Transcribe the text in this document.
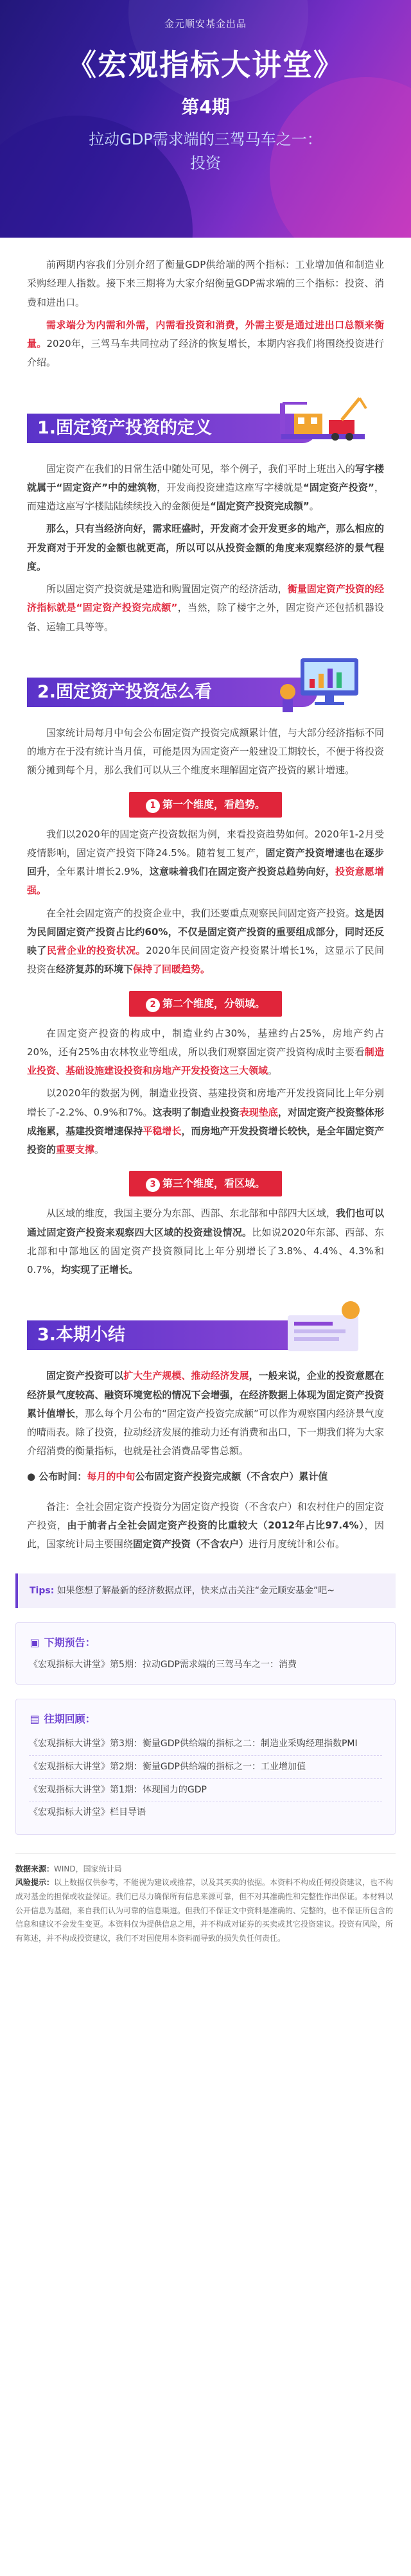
金元顺安基金出品
《宏观指标大讲堂》
第4期
拉动GDP需求端的三驾马车之一：
投资

前两期内容我们分别介绍了衡量GDP供给端的两个指标：工业增加值和制造业采购经理人指数。接下来三期将为大家介绍衡量GDP需求端的三个指标：投资、消费和进出口。

需求端分为内需和外需，内需看投资和消费，外需主要是通过进出口总额来衡量。2020年，三驾马车共同拉动了经济的恢复增长，本期内容我们将围绕投资进行介绍。

1.固定资产投资的定义

固定资产在我们的日常生活中随处可见，举个例子，我们平时上班出入的写字楼就属于“固定资产”中的建筑物，开发商投资建造这座写字楼就是“固定资产投资”，而建造这座写字楼陆陆续续投入的金额便是“固定资产投资完成额”。

那么，只有当经济向好，需求旺盛时，开发商才会开发更多的地产，那么相应的开发商对于开发的金额也就更高，所以可以从投资金额的角度来观察经济的景气程度。

所以固定资产投资就是建造和购置固定资产的经济活动，衡量固定资产投资的经济指标就是“固定资产投资完成额”，当然，除了楼宇之外，固定资产还包括机器设备、运输工具等等。

2.固定资产投资怎么看

国家统计局每月中旬会公布固定资产投资完成额累计值，与大部分经济指标不同的地方在于没有统计当月值，可能是因为固定资产一般建设工期较长，不便于将投资额分摊到每个月，那么我们可以从三个维度来理解固定资产投资的累计增速。

1 第一个维度，看趋势。

我们以2020年的固定资产投资数据为例，来看投资趋势如何。2020年1-2月受疫情影响，固定资产投资下降24.5%。随着复工复产，固定资产投资增速也在逐步回升，全年累计增长2.9%，这意味着我们在固定资产投资总趋势向好，投资意愿增强。

在全社会固定资产的投资企业中，我们还要重点观察民间固定资产投资。这是因为民间固定资产投资占比约60%，不仅是固定资产投资的重要组成部分，同时还反映了民营企业的投资状况。2020年民间固定资产投资累计增长1%，这显示了民间投资在经济复苏的环境下保持了回暖趋势。

2 第二个维度，分领域。

在固定资产投资的构成中，制造业约占30%，基建约占25%，房地产约占20%，还有25%由农林牧业等组成，所以我们观察固定资产投资构成时主要看制造业投资、基础设施建设投资和房地产开发投资这三大领域。

以2020年的数据为例，制造业投资、基建投资和房地产开发投资同比上年分别增长了-2.2%、0.9%和7%。这表明了制造业投资表现垫底，对固定资产投资整体形成拖累，基建投资增速保持平稳增长，而房地产开发投资增长较快，是全年固定资产投资的重要支撑。

3 第三个维度，看区域。

从区域的维度，我国主要分为东部、西部、东北部和中部四大区域，我们也可以通过固定资产投资来观察四大区域的投资建设情况。比如说2020年东部、西部、东北部和中部地区的固定资产投资额同比上年分别增长了3.8%、4.4%、4.3%和0.7%，均实现了正增长。

3.本期小结

固定资产投资可以扩大生产规模、推动经济发展，一般来说，企业的投资意愿在经济景气度较高、融资环境宽松的情况下会增强，在经济数据上体现为固定资产投资累计值增长，那么每个月公布的“固定资产投资完成额”可以作为观察国内经济景气度的晴雨表。除了投资，拉动经济发展的推动力还有消费和出口，下一期我们将为大家介绍消费的衡量指标，也就是社会消费品零售总额。

● 公布时间：每月的中旬公布固定资产投资完成额（不含农户）累计值

备注：全社会固定资产投资分为固定资产投资（不含农户）和农村住户的固定资产投资，由于前者占全社会固定资产投资的比重较大（2012年占比97.4%），因此，国家统计局主要围绕固定资产投资（不含农户）进行月度统计和公布。

Tips: 如果您想了解最新的经济数据点评，快来点击关注“金元顺安基金”吧~
▣ 下期预告：
《宏观指标大讲堂》第5期：拉动GDP需求端的三驾马车之一：消费
▤ 往期回顾：
《宏观指标大讲堂》第3期：衡量GDP供给端的指标之二：制造业采购经理指数PMI
《宏观指标大讲堂》第2期：衡量GDP供给端的指标之一：工业增加值
《宏观指标大讲堂》第1期：体现国力的GDP
《宏观指标大讲堂》栏目导语
数据来源：WIND，国家统计局
风险提示：以上数据仅供参考，不能视为建议或推荐，以及其买卖的依据。本资料不构成任何投资建议，也不构成对基金的担保或收益保证。我们已尽力确保所有信息来源可靠，但不对其准确性和完整性作出保证。本材料以公开信息为基础，来自我们认为可靠的信息渠道。但我们不保证文中资料是准确的、完整的，也不保证所包含的信息和建议不会发生变更。本资料仅为提供信息之用，并不构成对证券的买卖或其它投资建议。投资有风险，所有陈述，并不构成投资建议，我们不对因使用本资料而导致的损失负任何责任。
